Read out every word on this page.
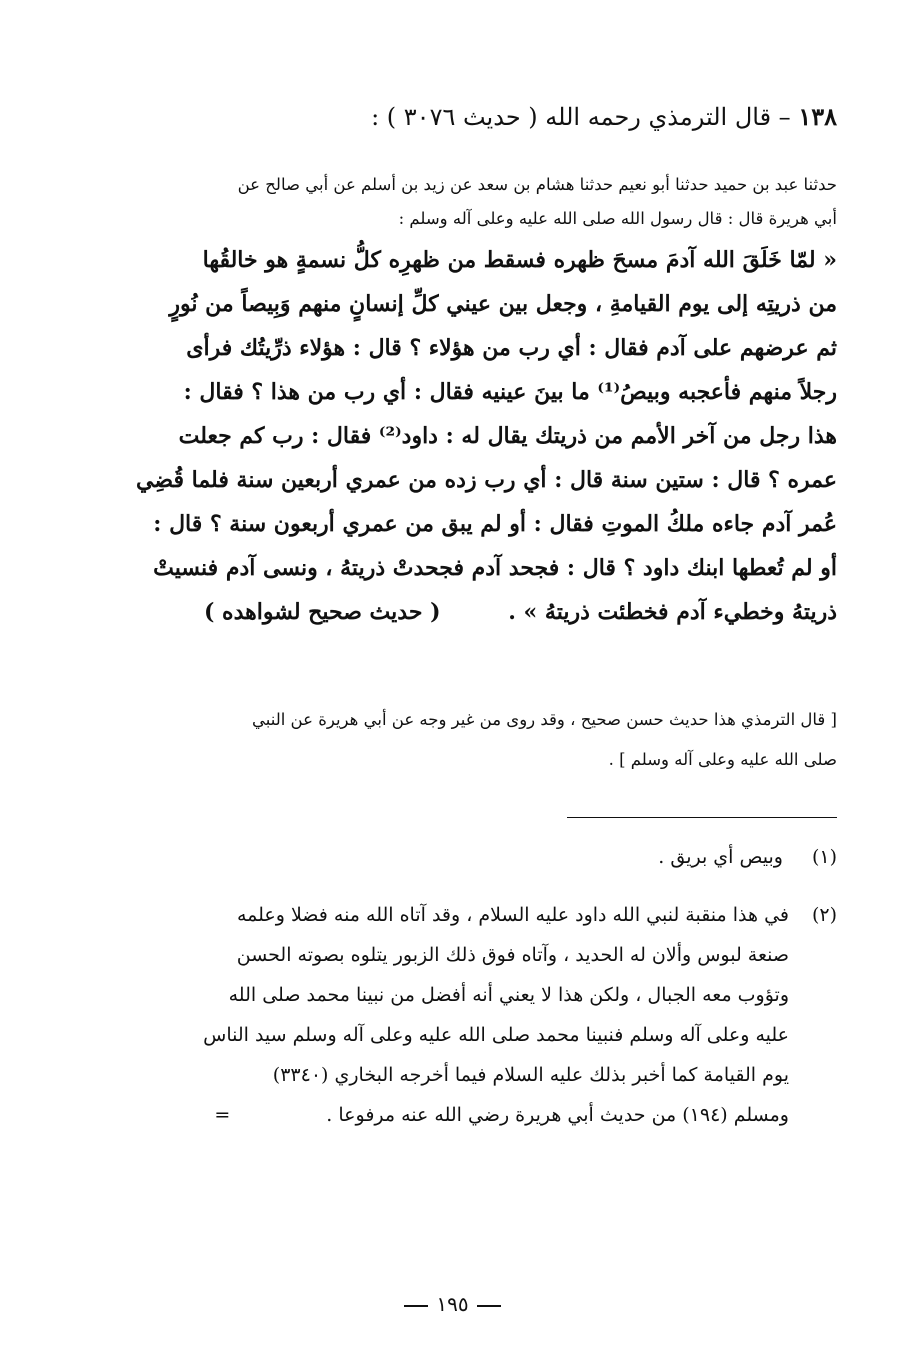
١٣٨ – قال الترمذي رحمه الله ( حديث ٣٠٧٦ ) :
حدثنا عبد بن حميد حدثنا أبو نعيم حدثنا هشام بن سعد عن زيد بن أسلم عن أبي صالح عن
أبي هريرة قال : قال رسول الله صلى الله عليه وعلى آله وسلم :
« لمّا خَلَقَ الله آدمَ مسحَ ظهره فسقط من ظهرِه كلُّ نسمةٍ هو خالقُها
من ذريتِه إلى يوم القيامةِ ، وجعل بين عيني كلِّ إنسانٍ منهم وَبِيصاً من نُورٍ
ثم عرضهم على آدم فقال : أي رب من هؤلاء ؟ قال : هؤلاء ذرِّيتُك فرأى
رجلاً منهم فأعجبه وبيصُ⁽¹⁾ ما بينَ عينيه فقال : أي رب من هذا ؟ فقال :
هذا رجل من آخر الأمم من ذريتك يقال له : داود⁽²⁾ فقال : رب كم جعلت
عمره ؟ قال : ستين سنة قال : أي رب زده من عمري أربعين سنة فلما قُضِي
عُمر آدم جاءه ملكُ الموتِ فقال : أو لم يبق من عمري أربعون سنة ؟ قال :
أو لم تُعطها ابنك داود ؟ قال : فجحد آدم فجحدتْ ذريتهُ ، ونسى آدم فنسيتْ
ذريتهُ وخطيء آدم فخطئت ذريتهُ » . ( حديث صحيح لشواهده )
[ قال الترمذي هذا حديث حسن صحيح ، وقد روى من غير وجه عن أبي هريرة عن النبي
صلى الله عليه وعلى آله وسلم ] .
(١) وبيص أي بريق .
(٢)في هذا منقبة لنبي الله داود عليه السلام ، وقد آتاه الله منه فضلا وعلمه
صنعة لبوس وألان له الحديد ، وآتاه فوق ذلك الزبور يتلوه بصوته الحسن
وتؤوب معه الجبال ، ولكن هذا لا يعني أنه أفضل من نبينا محمد صلى الله
عليه وعلى آله وسلم فنبينا محمد صلى الله عليه وعلى آله وسلم سيد الناس
يوم القيامة كما أخبر بذلك عليه السلام فيما أخرجه البخاري (٣٣٤٠)
ومسلم (١٩٤) من حديث أبي هريرة رضي الله عنه مرفوعا . =
١٩٥
